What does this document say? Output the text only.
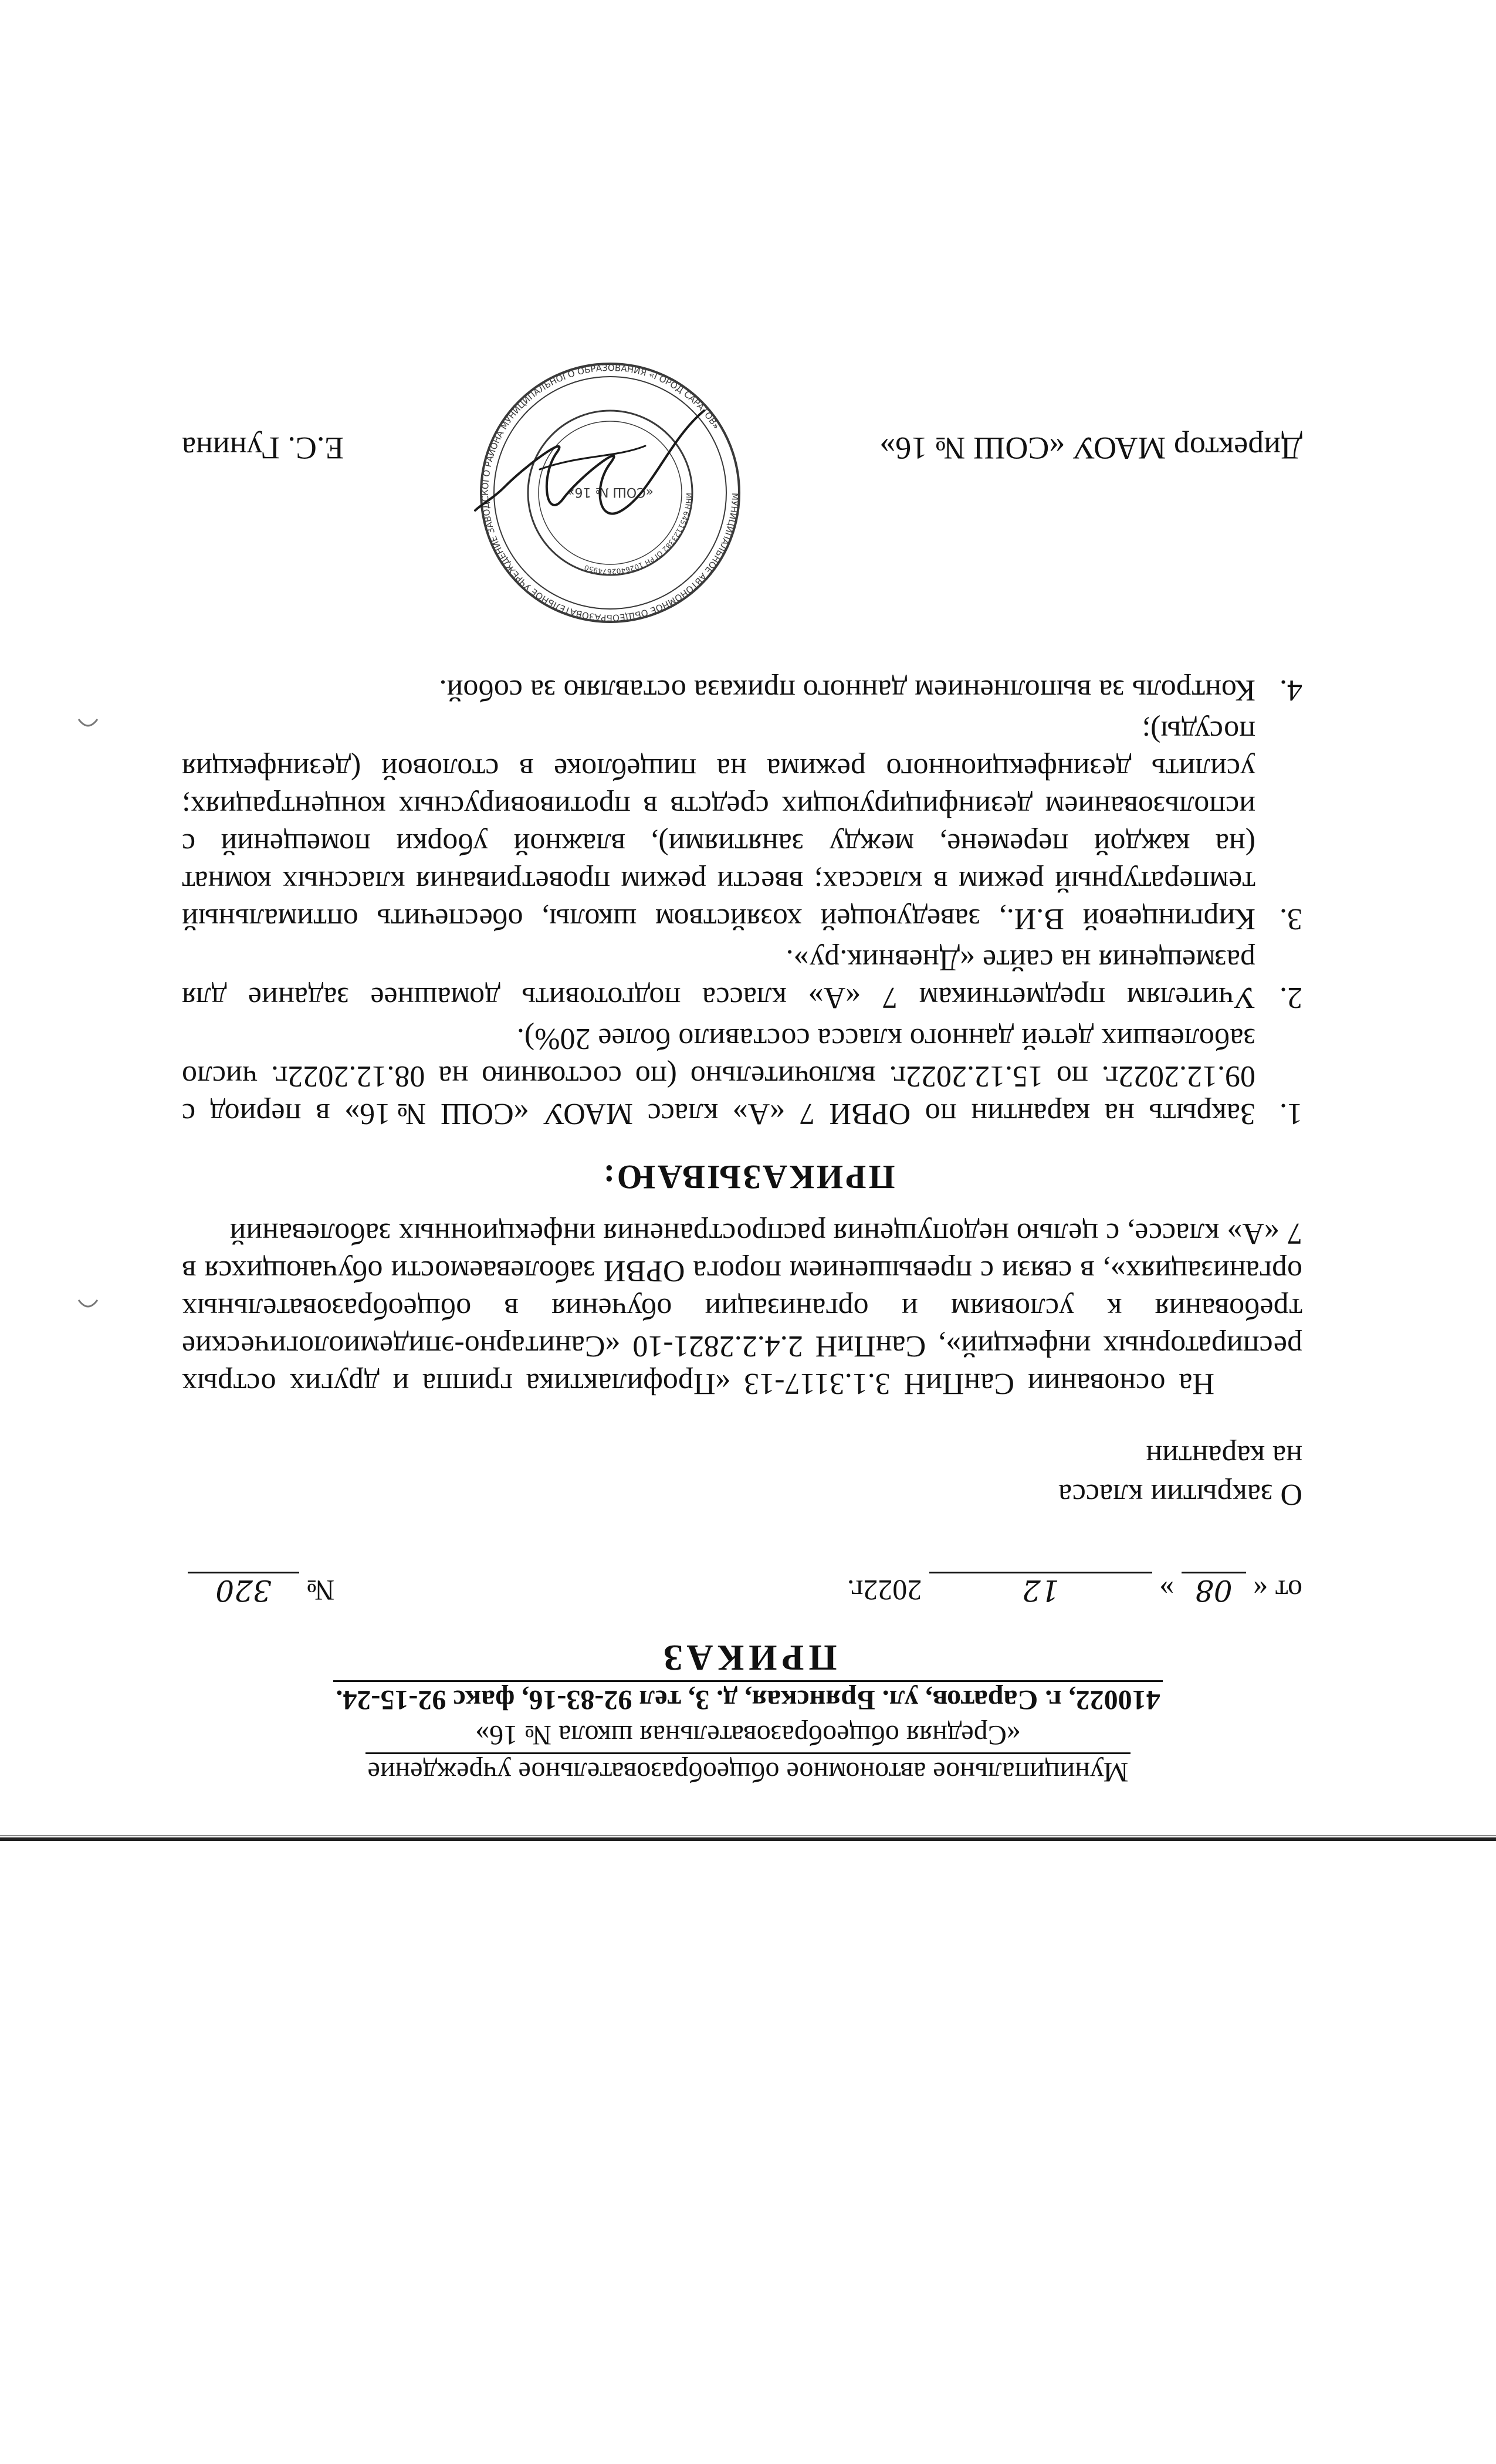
Муниципальное автономное общеобразовательное учреждение
«Средняя общеобразовательная школа № 16»
410022, г. Саратов, ул. Брянская, д. 3, тел 92-83-16, факс 92-15-24.
ПРИКАЗ
от « 08 » 12 2022г.
№ 320
О закрытии класса
на карантин

На основании СанПиН 3.1.3117-13 «Профилактика гриппа и других острых респираторных инфекций», СанПиН 2.4.2.2821-10 «Санитарно-эпидемиологические требования к условиям и организации обучения в общеобразовательных организациях», в связи с превышением порога ОРВИ заболеваемости обучающихся в 7 «А» классе, с целью недопущения распространения инфекционных заболеваний

ПРИКАЗЫВАЮ:
1.
Закрыть на карантин по ОРВИ 7 «А» класс МАОУ «СОШ №16» в период с 09.12.2022г. по 15.12.2022г. включительно (по состоянию на 08.12.2022г. число заболевших детей данного класса составило более 20%).
2.
Учителям предметникам 7 «А» класса подготовить домашнее задание для размещения на сайте «Дневник.ру».
3.
Киргинцевой В.И., заведующей хозяйством школы, обеспечить оптимальный температурный режим в классах; ввести режим проветривания классных комнат (на каждой перемене, между занятиями), влажной уборки помещений с использованием дезинфицирующих средств в противовирусных концентрациях; усилить дезинфекционного режима на пищеблоке в столовой (дезинфекция посуды);
4.
Контроль за выполнением данного приказа оставляю за собой.
МУНИЦИПАЛЬНОЕ АВТОНОМНОЕ ОБЩЕОБРАЗОВАТЕЛЬНОЕ УЧРЕЖДЕНИЕ ЗАВОДСКОГО РАЙОНА МУНИЦИПАЛЬНОГО ОБРАЗОВАНИЯ «ГОРОД САРАТОВ»
ИНН 6451123382 ОГРН 1026402674950
«СОШ № 16»
Директор МАОУ «СОШ № 16»
Е.С. Гунина
